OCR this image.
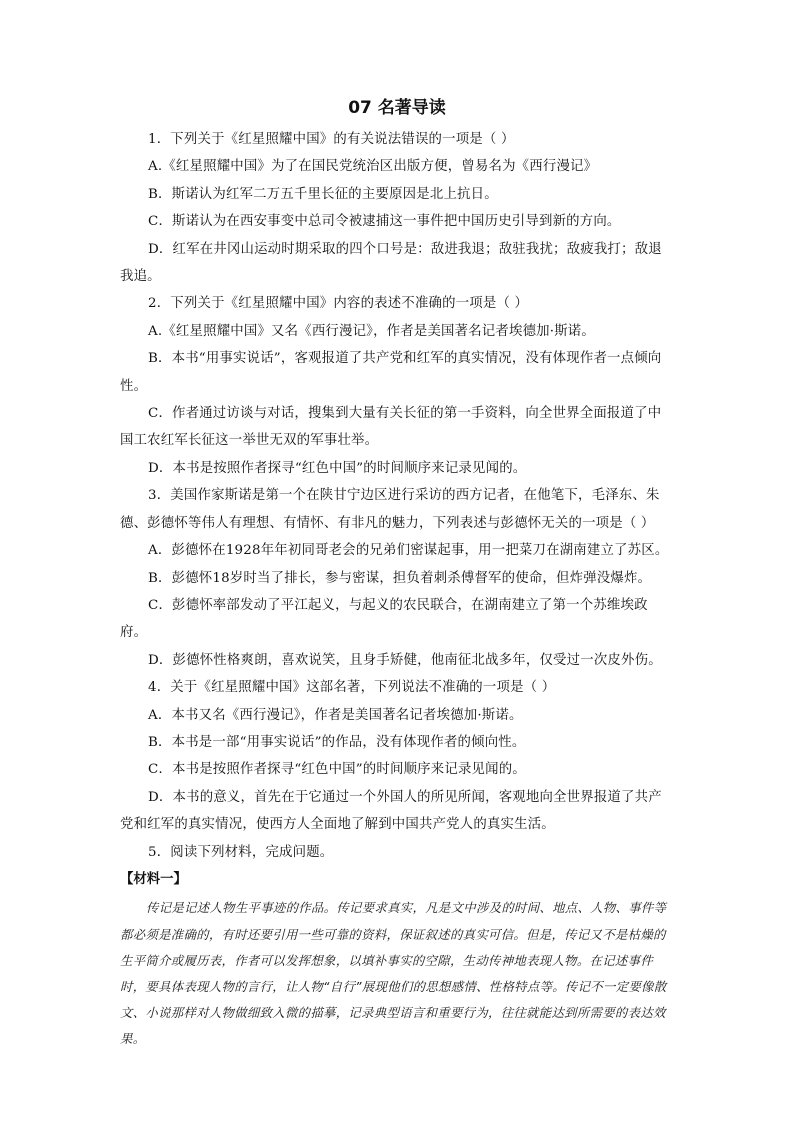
07 名著导读

1．下列关于《红星照耀中国》的有关说法错误的一项是（ ）

A.《红星照耀中国》为了在国民党统治区出版方便，曾易名为《西行漫记》

B．斯诺认为红军二万五千里长征的主要原因是北上抗日。

C．斯诺认为在西安事变中总司令被逮捕这一事件把中国历史引导到新的方向。

D．红军在井冈山运动时期采取的四个口号是：敌进我退；敌驻我扰；敌疲我打；敌退我追。

2．下列关于《红星照耀中国》内容的表述不准确的一项是（ ）

A.《红星照耀中国》又名《西行漫记》，作者是美国著名记者埃德加·斯诺。

B．本书“用事实说话”，客观报道了共产党和红军的真实情况，没有体现作者一点倾向性。

C．作者通过访谈与对话，搜集到大量有关长征的第一手资料，向全世界全面报道了中国工农红军长征这一举世无双的军事壮举。

D．本书是按照作者探寻“红色中国”的时间顺序来记录见闻的。

3．美国作家斯诺是第一个在陕甘宁边区进行采访的西方记者，在他笔下，毛泽东、朱德、彭德怀等伟人有理想、有情怀、有非凡的魅力，下列表述与彭德怀无关的一项是（ ）

A．彭德怀在1928年年初同哥老会的兄弟们密谋起事，用一把菜刀在湖南建立了苏区。

B．彭德怀18岁时当了排长，参与密谋，担负着刺杀傅督军的使命，但炸弹没爆炸。

C．彭德怀率部发动了平江起义，与起义的农民联合，在湖南建立了第一个苏维埃政府。

D．彭德怀性格爽朗，喜欢说笑，且身手矫健，他南征北战多年，仅受过一次皮外伤。

4．关于《红星照耀中国》这部名著，下列说法不准确的一项是（ ）

A．本书又名《西行漫记》，作者是美国著名记者埃德加·斯诺。

B．本书是一部“用事实说话”的作品，没有体现作者的倾向性。

C．本书是按照作者探寻“红色中国”的时间顺序来记录见闻的。

D．本书的意义，首先在于它通过一个外国人的所见所闻，客观地向全世界报道了共产党和红军的真实情况，使西方人全面地了解到中国共产党人的真实生活。

5．阅读下列材料，完成问题。

【材料一】

传记是记述人物生平事迹的作品。传记要求真实，凡是文中涉及的时间、地点、人物、事件等都必须是准确的，有时还要引用一些可靠的资料，保证叙述的真实可信。但是，传记又不是枯燥的生平简介或履历表，作者可以发挥想象，以填补事实的空隙，生动传神地表现人物。在记述事件时，要具体表现人物的言行，让人物“自行”展现他们的思想感情、性格特点等。传记不一定要像散文、小说那样对人物做细致入微的描摹，记录典型语言和重要行为，往往就能达到所需要的表达效果。
